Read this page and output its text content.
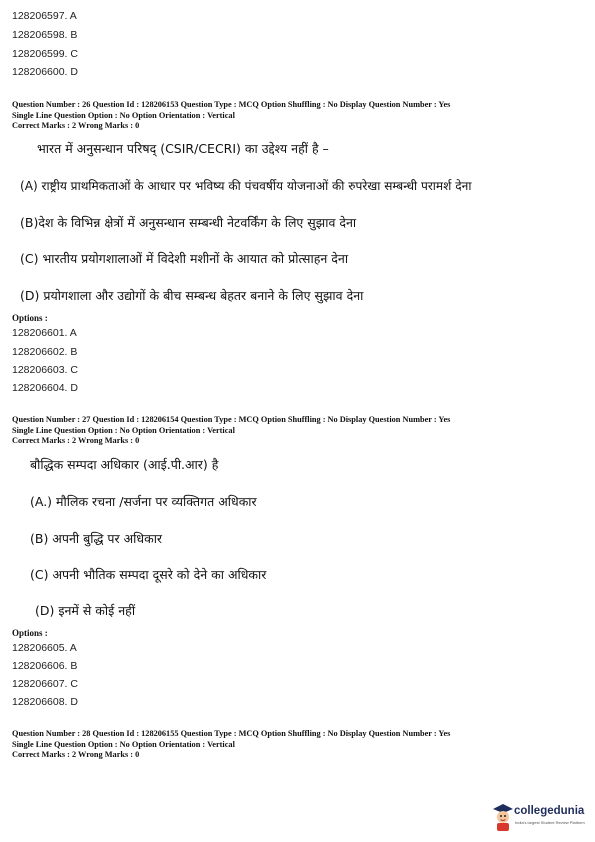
128206597. A
128206598. B
128206599. C
128206600. D
Question Number : 26 Question Id : 128206153 Question Type : MCQ Option Shuffling : No Display Question Number : Yes
Single Line Question Option : No Option Orientation : Vertical
Correct Marks : 2 Wrong Marks : 0
भारत में अनुसन्धान परिषद् (CSIR/CECRI) का उद्देश्य नहीं है –
(A) राष्ट्रीय प्राथमिकताओं के आधार पर भविष्य की पंचवर्षीय योजनाओं की रुपरेखा सम्बन्धी परामर्श देना
(B)देश के विभिन्न क्षेत्रों में अनुसन्धान सम्बन्धी नेटवर्किंग के लिए सुझाव देना
(C) भारतीय प्रयोगशालाओं में विदेशी मशीनों के आयात को प्रोत्साहन देना
(D) प्रयोगशाला और उद्योगों के बीच सम्बन्ध बेहतर बनाने के लिए सुझाव देना
Options :
128206601. A
128206602. B
128206603. C
128206604. D
Question Number : 27 Question Id : 128206154 Question Type : MCQ Option Shuffling : No Display Question Number : Yes
Single Line Question Option : No Option Orientation : Vertical
Correct Marks : 2 Wrong Marks : 0
बौद्धिक सम्पदा अधिकार (आई.पी.आर) है
(A.) मौलिक रचना /सर्जना पर व्यक्तिगत अधिकार
(B) अपनी बुद्धि पर अधिकार
(C) अपनी भौतिक सम्पदा दूसरे को देने का अधिकार
(D) इनमें से कोई नहीं
Options :
128206605. A
128206606. B
128206607. C
128206608. D
Question Number : 28 Question Id : 128206155 Question Type : MCQ Option Shuffling : No Display Question Number : Yes
Single Line Question Option : No Option Orientation : Vertical
Correct Marks : 2 Wrong Marks : 0
collegedunia
India's largest Student Review Platform
